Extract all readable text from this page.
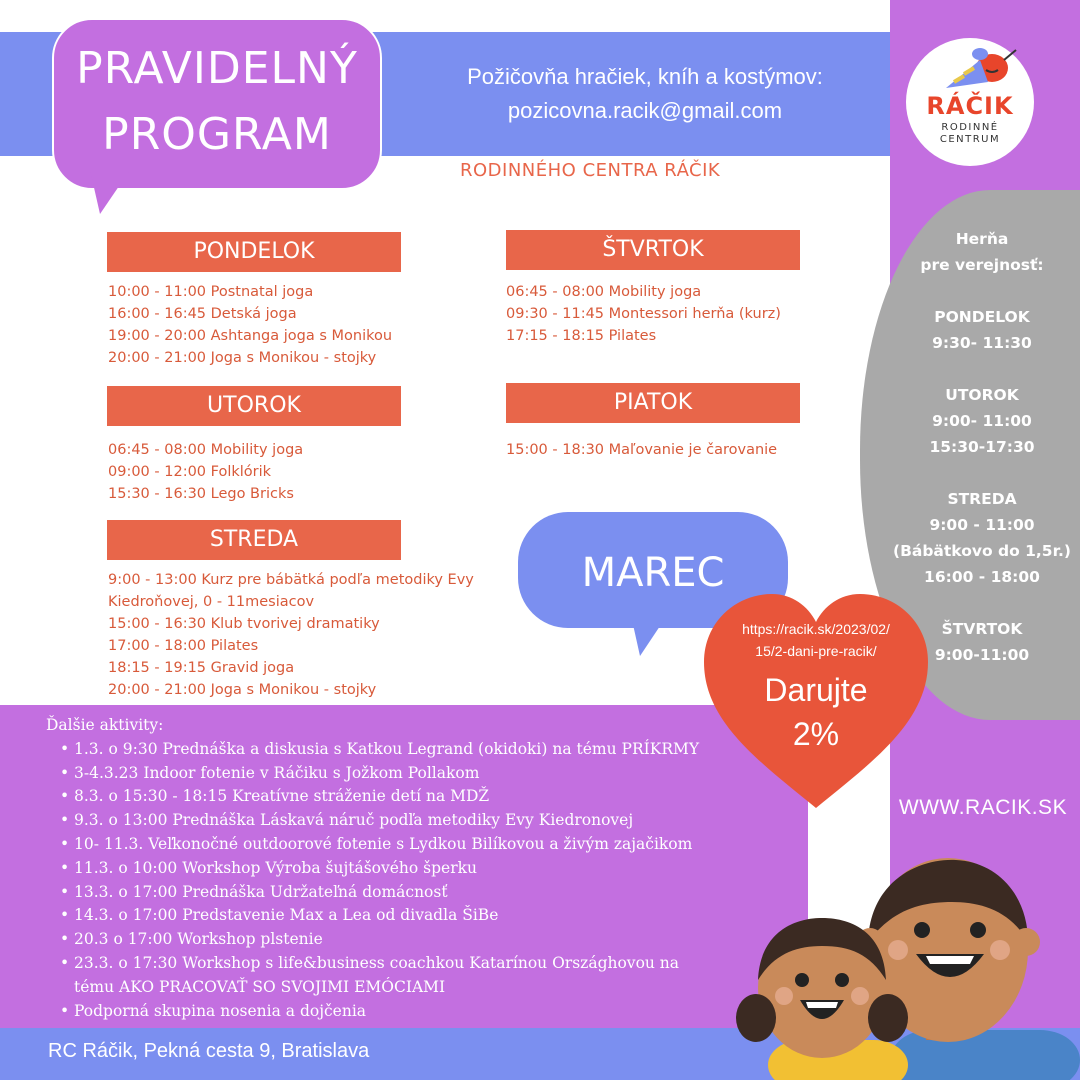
PRAVIDELNÝ
PROGRAM
Požičovňa hračiek, kníh a kostýmov:
pozicovna.racik@gmail.com
RODINNÉHO CENTRA RÁČIK
RÁČIK
RODINNÉ
CENTRUM
PONDELOK
10:00 - 11:00 Postnatal joga
16:00 - 16:45 Detská joga
19:00 - 20:00 Ashtanga joga s Monikou
20:00 - 21:00 Joga s Monikou - stojky
UTOROK
06:45 - 08:00 Mobility joga
09:00 - 12:00 Folklórik
15:30 - 16:30 Lego Bricks
STREDA
9:00 - 13:00 Kurz pre bábätká podľa metodiky Evy
Kiedroňovej, 0 - 11mesiacov
15:00 - 16:30 Klub tvorivej dramatiky
17:00 - 18:00 Pilates
18:15 - 19:15 Gravid joga
20:00 - 21:00 Joga s Monikou - stojky
ŠTVRTOK
06:45 - 08:00 Mobility joga
09:30 - 11:45 Montessori herňa (kurz)
17:15 - 18:15 Pilates
PIATOK
15:00 - 18:30 Maľovanie je čarovanie
Herňa
pre verejnosť:
PONDELOK
9:30- 11:30
UTOROK
9:00- 11:00
15:30-17:30
STREDA
9:00 - 11:00
(Bábätkovo do 1,5r.)
16:00 - 18:00
ŠTVRTOK
9:00-11:00
MAREC
https://racik.sk/2023/02/
15/2-dani-pre-racik/
Darujte
2%
Ďalšie aktivity:
• 1.3. o 9:30 Prednáška a diskusia s Katkou Legrand (okidoki) na tému PRÍKRMY
• 3-4.3.23 Indoor fotenie v Ráčiku s Jožkom Pollakom
• 8.3. o 15:30 - 18:15 Kreatívne stráženie detí na MDŽ
• 9.3. o 13:00 Prednáška Láskavá náruč podľa metodiky Evy Kiedronovej
• 10- 11.3. Veľkonočné outdoorové fotenie s Lydkou Bilíkovou a živým zajačikom
• 11.3. o 10:00 Workshop Výroba šujtášového šperku
• 13.3. o 17:00 Prednáška Udržateľná domácnosť
• 14.3. o 17:00 Predstavenie Max a Lea od divadla ŠiBe
• 20.3 o 17:00 Workshop plstenie
• 23.3. o 17:30 Workshop s life&business coachkou Katarínou Országhovou na
tému AKO PRACOVAŤ SO SVOJIMI EMÓCIAMI
• Podporná skupina nosenia a dojčenia
WWW.RACIK.SK
RC Ráčik, Pekná cesta 9, Bratislava
